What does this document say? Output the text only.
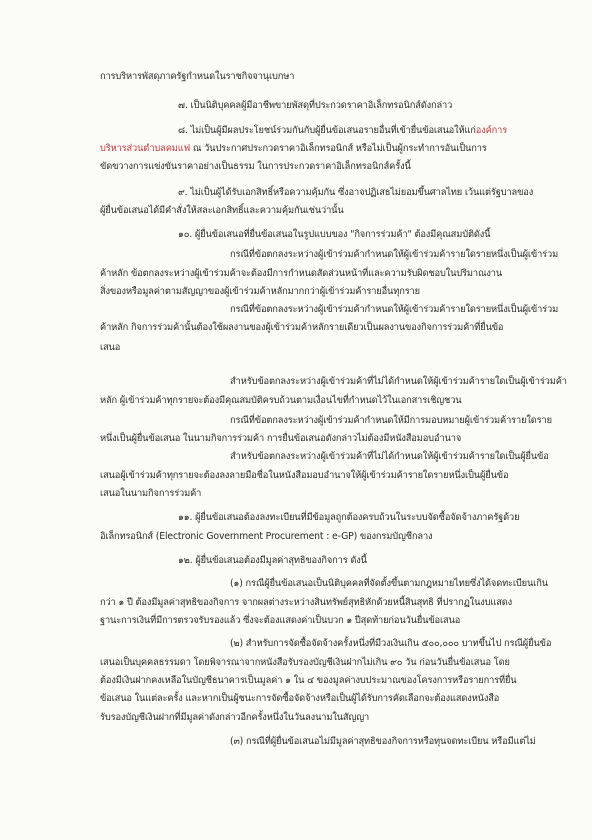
การบริหารพัสดุภาครัฐกำหนดในราชกิจจานุเบกษา
๗. เป็นนิติบุคคลผู้มีอาชีพขายพัสดุที่ประกวดราคาอิเล็กทรอนิกส์ดังกล่าว
๘. ไม่เป็นผู้มีผลประโยชน์ร่วมกันกับผู้ยื่นข้อเสนอรายอื่นที่เข้ายื่นข้อเสนอให้แก่องค์การ
บริหารส่วนตำบลคมแฟ ณ วันประกาศประกวดราคาอิเล็กทรอนิกส์ หรือไม่เป็นผู้กระทำการอันเป็นการ
ขัดขวางการแข่งขันราคาอย่างเป็นธรรม ในการประกวดราคาอิเล็กทรอนิกส์ครั้งนี้
๙. ไม่เป็นผู้ได้รับเอกสิทธิ์หรือความคุ้มกัน ซึ่งอาจปฏิเสธไม่ยอมขึ้นศาลไทย เว้นแต่รัฐบาลของ
ผู้ยื่นข้อเสนอได้มีคำสั่งให้สละเอกสิทธิ์และความคุ้มกันเช่นว่านั้น
๑๐. ผู้ยื่นข้อเสนอที่ยื่นข้อเสนอในรูปแบบของ "กิจการร่วมค้า" ต้องมีคุณสมบัติดังนี้
กรณีที่ข้อตกลงระหว่างผู้เข้าร่วมค้ากำหนดให้ผู้เข้าร่วมค้ารายใดรายหนึ่งเป็นผู้เข้าร่วม
ค้าหลัก ข้อตกลงระหว่างผู้เข้าร่วมค้าจะต้องมีการกำหนดสัดส่วนหน้าที่และความรับผิดชอบในปริมาณงาน
สิ่งของหรือมูลค่าตามสัญญาของผู้เข้าร่วมค้าหลักมากกว่าผู้เข้าร่วมค้ารายอื่นทุกราย
กรณีที่ข้อตกลงระหว่างผู้เข้าร่วมค้ากำหนดให้ผู้เข้าร่วมค้ารายใดรายหนึ่งเป็นผู้เข้าร่วม
ค้าหลัก กิจการร่วมค้านั้นต้องใช้ผลงานของผู้เข้าร่วมค้าหลักรายเดียวเป็นผลงานของกิจการร่วมค้าที่ยื่นข้อ
เสนอ
สำหรับข้อตกลงระหว่างผู้เข้าร่วมค้าที่ไม่ได้กำหนดให้ผู้เข้าร่วมค้ารายใดเป็นผู้เข้าร่วมค้า
หลัก ผู้เข้าร่วมค้าทุกรายจะต้องมีคุณสมบัติครบถ้วนตามเงื่อนไขที่กำหนดไว้ในเอกสารเชิญชวน
กรณีที่ข้อตกลงระหว่างผู้เข้าร่วมค้ากำหนดให้มีการมอบหมายผู้เข้าร่วมค้ารายใดราย
หนึ่งเป็นผู้ยื่นข้อเสนอ ในนามกิจการร่วมค้า การยื่นข้อเสนอดังกล่าวไม่ต้องมีหนังสือมอบอำนาจ
สำหรับข้อตกลงระหว่างผู้เข้าร่วมค้าที่ไม่ได้กำหนดให้ผู้เข้าร่วมค้ารายใดเป็นผู้ยื่นข้อ
เสนอผู้เข้าร่วมค้าทุกรายจะต้องลงลายมือชื่อในหนังสือมอบอำนาจให้ผู้เข้าร่วมค้ารายใดรายหนึ่งเป็นผู้ยื่นข้อ
เสนอในนามกิจการร่วมค้า
๑๑. ผู้ยื่นข้อเสนอต้องลงทะเบียนที่มีข้อมูลถูกต้องครบถ้วนในระบบจัดซื้อจัดจ้างภาครัฐด้วย
อิเล็กทรอนิกส์ (Electronic Government Procurement : e-GP) ของกรมบัญชีกลาง
๑๒. ผู้ยื่นข้อเสนอต้องมีมูลค่าสุทธิของกิจการ ดังนี้
(๑) กรณีผู้ยื่นข้อเสนอเป็นนิติบุคคลที่จัดตั้งขึ้นตามกฎหมายไทยซึ่งได้จดทะเบียนเกิน
กว่า ๑ ปี ต้องมีมูลค่าสุทธิของกิจการ จากผลต่างระหว่างสินทรัพย์สุทธิหักด้วยหนี้สินสุทธิ ที่ปรากฏในงบแสดง
ฐานะการเงินที่มีการตรวจรับรองแล้ว ซึ่งจะต้องแสดงค่าเป็นบวก ๑ ปีสุดท้ายก่อนวันยื่นข้อเสนอ
(๒) สำหรับการจัดซื้อจัดจ้างครั้งหนึ่งที่มีวงเงินเกิน ๕๐๐,๐๐๐ บาทขึ้นไป กรณีผู้ยื่นข้อ
เสนอเป็นบุคคลธรรมดา โดยพิจารณาจากหนังสือรับรองบัญชีเงินฝากไม่เกิน ๙๐ วัน ก่อนวันยื่นข้อเสนอ โดย
ต้องมีเงินฝากคงเหลือในบัญชีธนาคารเป็นมูลค่า ๑ ใน ๔ ของมูลค่างบประมาณของโครงการหรือรายการที่ยื่น
ข้อเสนอ ในแต่ละครั้ง และหากเป็นผู้ชนะการจัดซื้อจัดจ้างหรือเป็นผู้ได้รับการคัดเลือกจะต้องแสดงหนังสือ
รับรองบัญชีเงินฝากที่มีมูลค่าดังกล่าวอีกครั้งหนึ่งในวันลงนามในสัญญา
(๓) กรณีที่ผู้ยื่นข้อเสนอไม่มีมูลค่าสุทธิของกิจการหรือทุนจดทะเบียน หรือมีแต่ไม่
